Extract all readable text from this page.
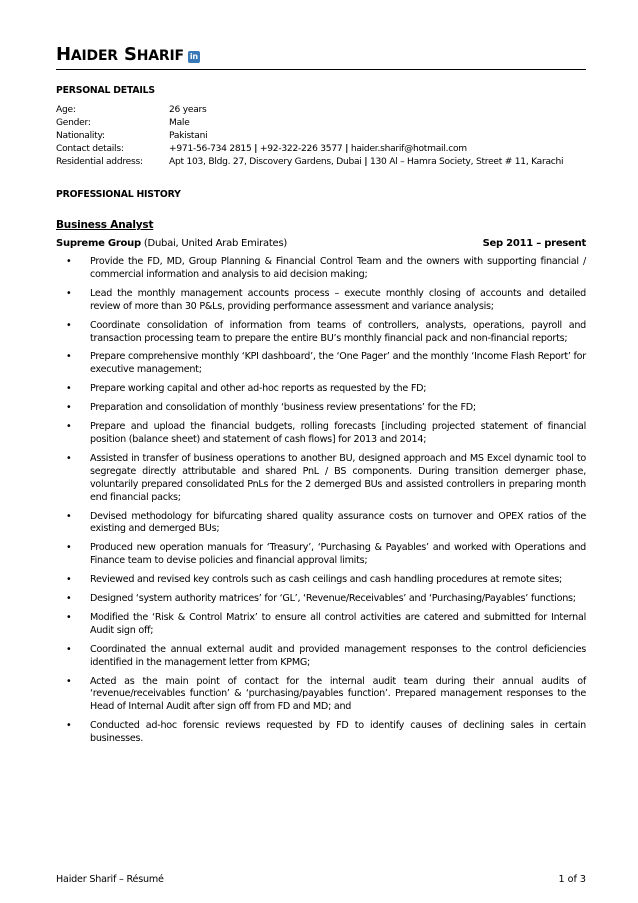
HAIDER SHARIF in
PERSONAL DETAILS
Age:	26 years
Gender:	Male
Nationality:	Pakistani
Contact details:	+971-56-734 2815 | +92-322-226 3577 | haider.sharif@hotmail.com
Residential address:	Apt 103, Bldg. 27, Discovery Gardens, Dubai | 130 Al – Hamra Society, Street # 11, Karachi
PROFESSIONAL HISTORY
Business Analyst
Supreme Group (Dubai, United Arab Emirates)	Sep 2011 – present
• Provide the FD, MD, Group Planning & Financial Control Team and the owners with supporting financial / commercial information and analysis to aid decision making;
• Lead the monthly management accounts process – execute monthly closing of accounts and detailed review of more than 30 P&Ls, providing performance assessment and variance analysis;
• Coordinate consolidation of information from teams of controllers, analysts, operations, payroll and transaction processing team to prepare the entire BU’s monthly financial pack and non-financial reports;
• Prepare comprehensive monthly ‘KPI dashboard’, the ‘One Pager’ and the monthly ‘Income Flash Report’ for executive management;
• Prepare working capital and other ad-hoc reports as requested by the FD;
• Preparation and consolidation of monthly ‘business review presentations’ for the FD;
• Prepare and upload the financial budgets, rolling forecasts [including projected statement of financial position (balance sheet) and statement of cash flows] for 2013 and 2014;
• Assisted in transfer of business operations to another BU, designed approach and MS Excel dynamic tool to segregate directly attributable and shared PnL / BS components. During transition demerger phase, voluntarily prepared consolidated PnLs for the 2 demerged BUs and assisted controllers in preparing month end financial packs;
• Devised methodology for bifurcating shared quality assurance costs on turnover and OPEX ratios of the existing and demerged BUs;
• Produced new operation manuals for ‘Treasury’, ‘Purchasing & Payables’ and worked with Operations and Finance team to devise policies and financial approval limits;
• Reviewed and revised key controls such as cash ceilings and cash handling procedures at remote sites;
• Designed ‘system authority matrices’ for ‘GL’, ‘Revenue/Receivables’ and ‘Purchasing/Payables’ functions;
• Modified the ‘Risk & Control Matrix’ to ensure all control activities are catered and submitted for Internal Audit sign off;
• Coordinated the annual external audit and provided management responses to the control deficiencies identified in the management letter from KPMG;
• Acted as the main point of contact for the internal audit team during their annual audits of ‘revenue/receivables function’ & ‘purchasing/payables function’. Prepared management responses to the Head of Internal Audit after sign off from FD and MD; and
• Conducted ad-hoc forensic reviews requested by FD to identify causes of declining sales in certain businesses.
Haider Sharif – Résumé	1 of 3
